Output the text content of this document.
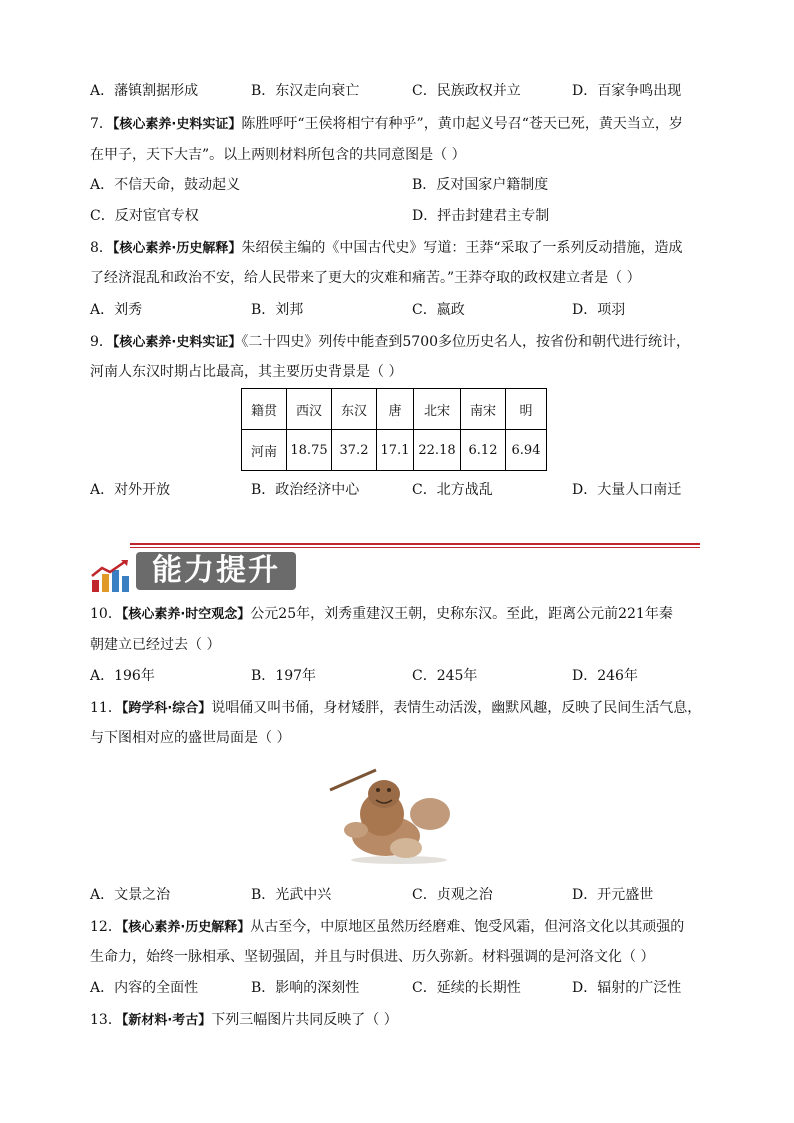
A．藩镇割据形成	B．东汉走向衰亡	C．民族政权并立	D．百家争鸣出现
7．【核心素养·史料实证】陈胜呼吁“王侯将相宁有种乎”，黄巾起义号召“苍天已死，黄天当立，岁
在甲子，天下大吉”。以上两则材料所包含的共同意图是（ ）
A．不信天命，鼓动起义	B．反对国家户籍制度
C．反对宦官专权	D．抨击封建君主专制
8．【核心素养·历史解释】朱绍侯主编的《中国古代史》写道：王莽“采取了一系列反动措施，造成
了经济混乱和政治不安，给人民带来了更大的灾难和痛苦。”王莽夺取的政权建立者是（ ）
A．刘秀	B．刘邦	C．嬴政	D．项羽
9．【核心素养·史料实证】《二十四史》列传中能查到5700多位历史名人，按省份和朝代进行统计，
河南人东汉时期占比最高，其主要历史背景是（ ）
籍贯	西汉	东汉	唐	北宋	南宋	明
河南	18.75	37.2	17.1	22.18	6.12	6.94
A．对外开放	B．政治经济中心	C．北方战乱	D．大量人口南迁
能力提升
10．【核心素养·时空观念】公元25年，刘秀重建汉王朝，史称东汉。至此，距离公元前221年秦
朝建立已经过去（ ）
A．196年	B．197年	C．245年	D．246年
11．【跨学科·综合】说唱俑又叫书俑，身材矮胖，表情生动活泼，幽默风趣，反映了民间生活气息，
与下图相对应的盛世局面是（ ）
A．文景之治	B．光武中兴	C．贞观之治	D．开元盛世
12．【核心素养·历史解释】从古至今，中原地区虽然历经磨难、饱受风霜，但河洛文化以其顽强的
生命力，始终一脉相承、坚韧强固，并且与时俱进、历久弥新。材料强调的是河洛文化（ ）
A．内容的全面性	B．影响的深刻性	C．延续的长期性	D．辐射的广泛性
13．【新材料·考古】下列三幅图片共同反映了（ ）
